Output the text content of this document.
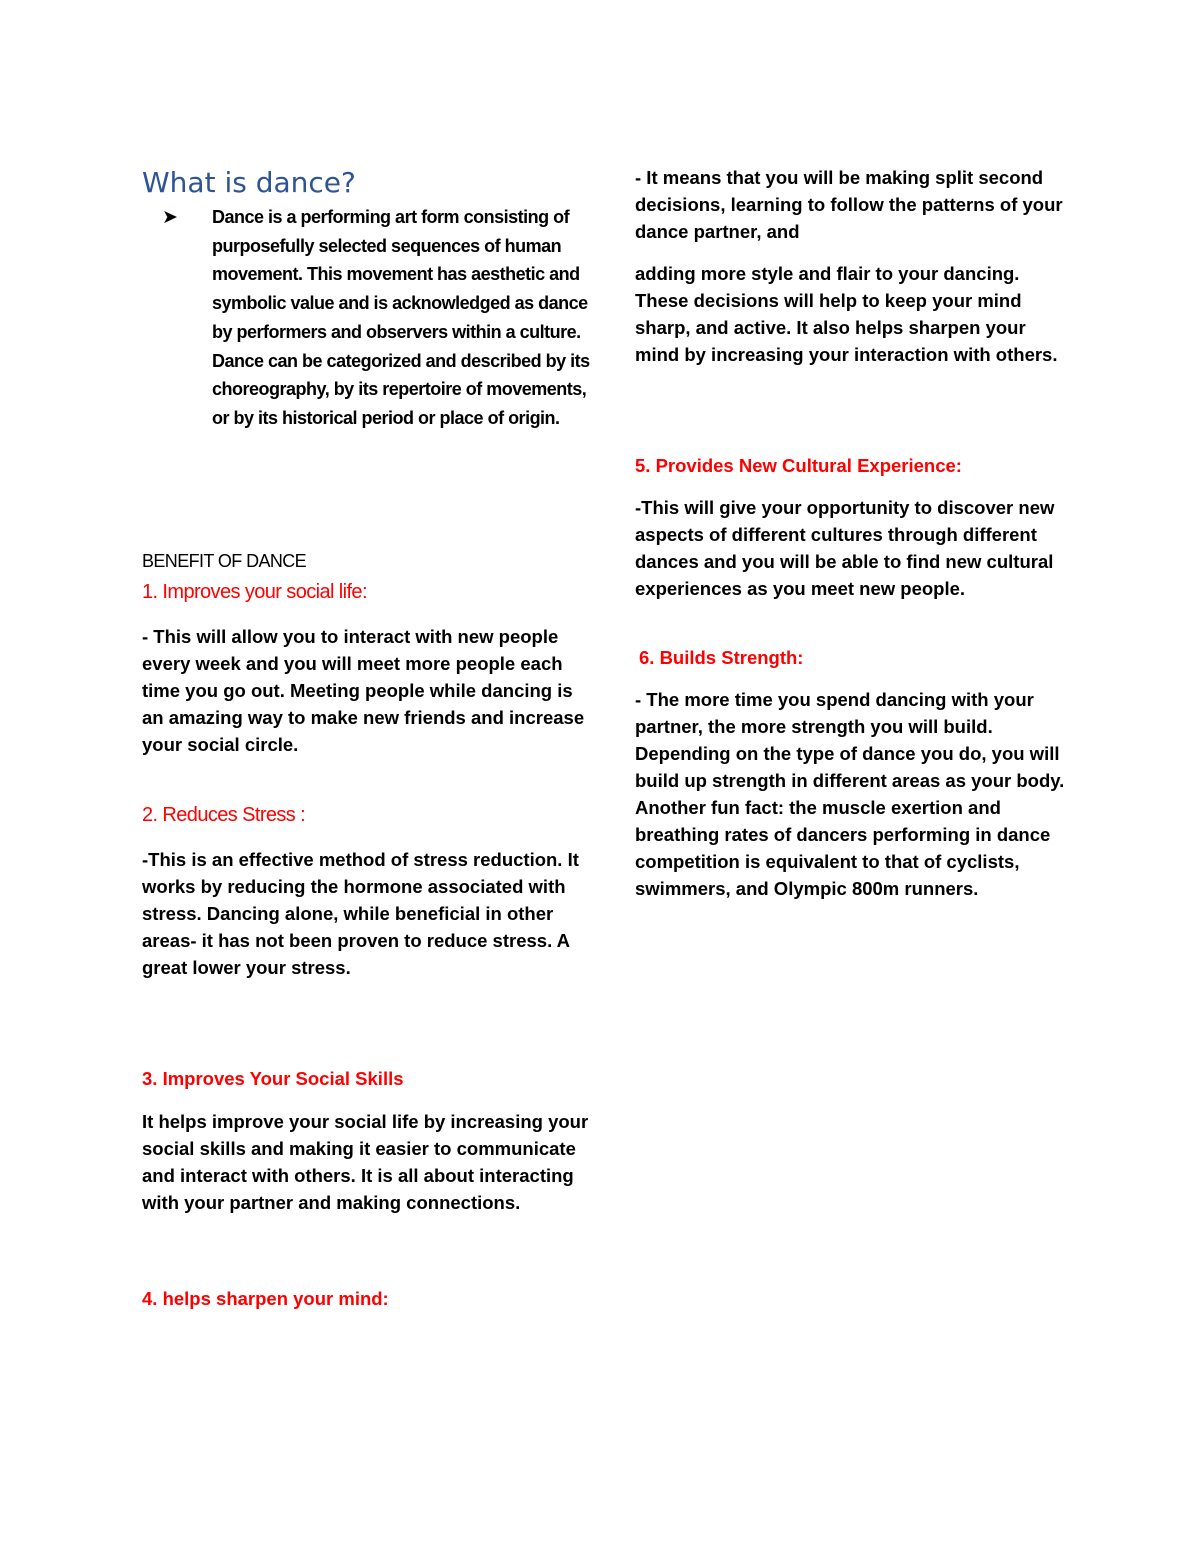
What is dance?
➤ Dance is a performing art form consisting of purposefully selected sequences of human movement. This movement has aesthetic and symbolic value and is acknowledged as dance by performers and observers within a culture. Dance can be categorized and described by its choreography, by its repertoire of movements, or by its historical period or place of origin.

BENEFIT OF DANCE
1. Improves your social life:

- This will allow you to interact with new people every week and you will meet more people each time you go out. Meeting people while dancing is an amazing way to make new friends and increase your social circle.

2. Reduces Stress :

-This is an effective method of stress reduction. It works by reducing the hormone associated with stress. Dancing alone, while beneficial in other areas- it has not been proven to reduce stress. A great lower your stress.

3. Improves Your Social Skills

It helps improve your social life by increasing your social skills and making it easier to communicate and interact with others. It is all about interacting with your partner and making connections.

4. helps sharpen your mind:

- It means that you will be making split second decisions, learning to follow the patterns of your dance partner, and

adding more style and flair to your dancing. These decisions will help to keep your mind sharp, and active. It also helps sharpen your mind by increasing your interaction with others.

5. Provides New Cultural Experience:

-This will give your opportunity to discover new aspects of different cultures through different dances and you will be able to find new cultural experiences as you meet new people.

6. Builds Strength:

- The more time you spend dancing with your partner, the more strength you will build. Depending on the type of dance you do, you will build up strength in different areas as your body. Another fun fact: the muscle exertion and breathing rates of dancers performing in dance competition is equivalent to that of cyclists, swimmers, and Olympic 800m runners.
